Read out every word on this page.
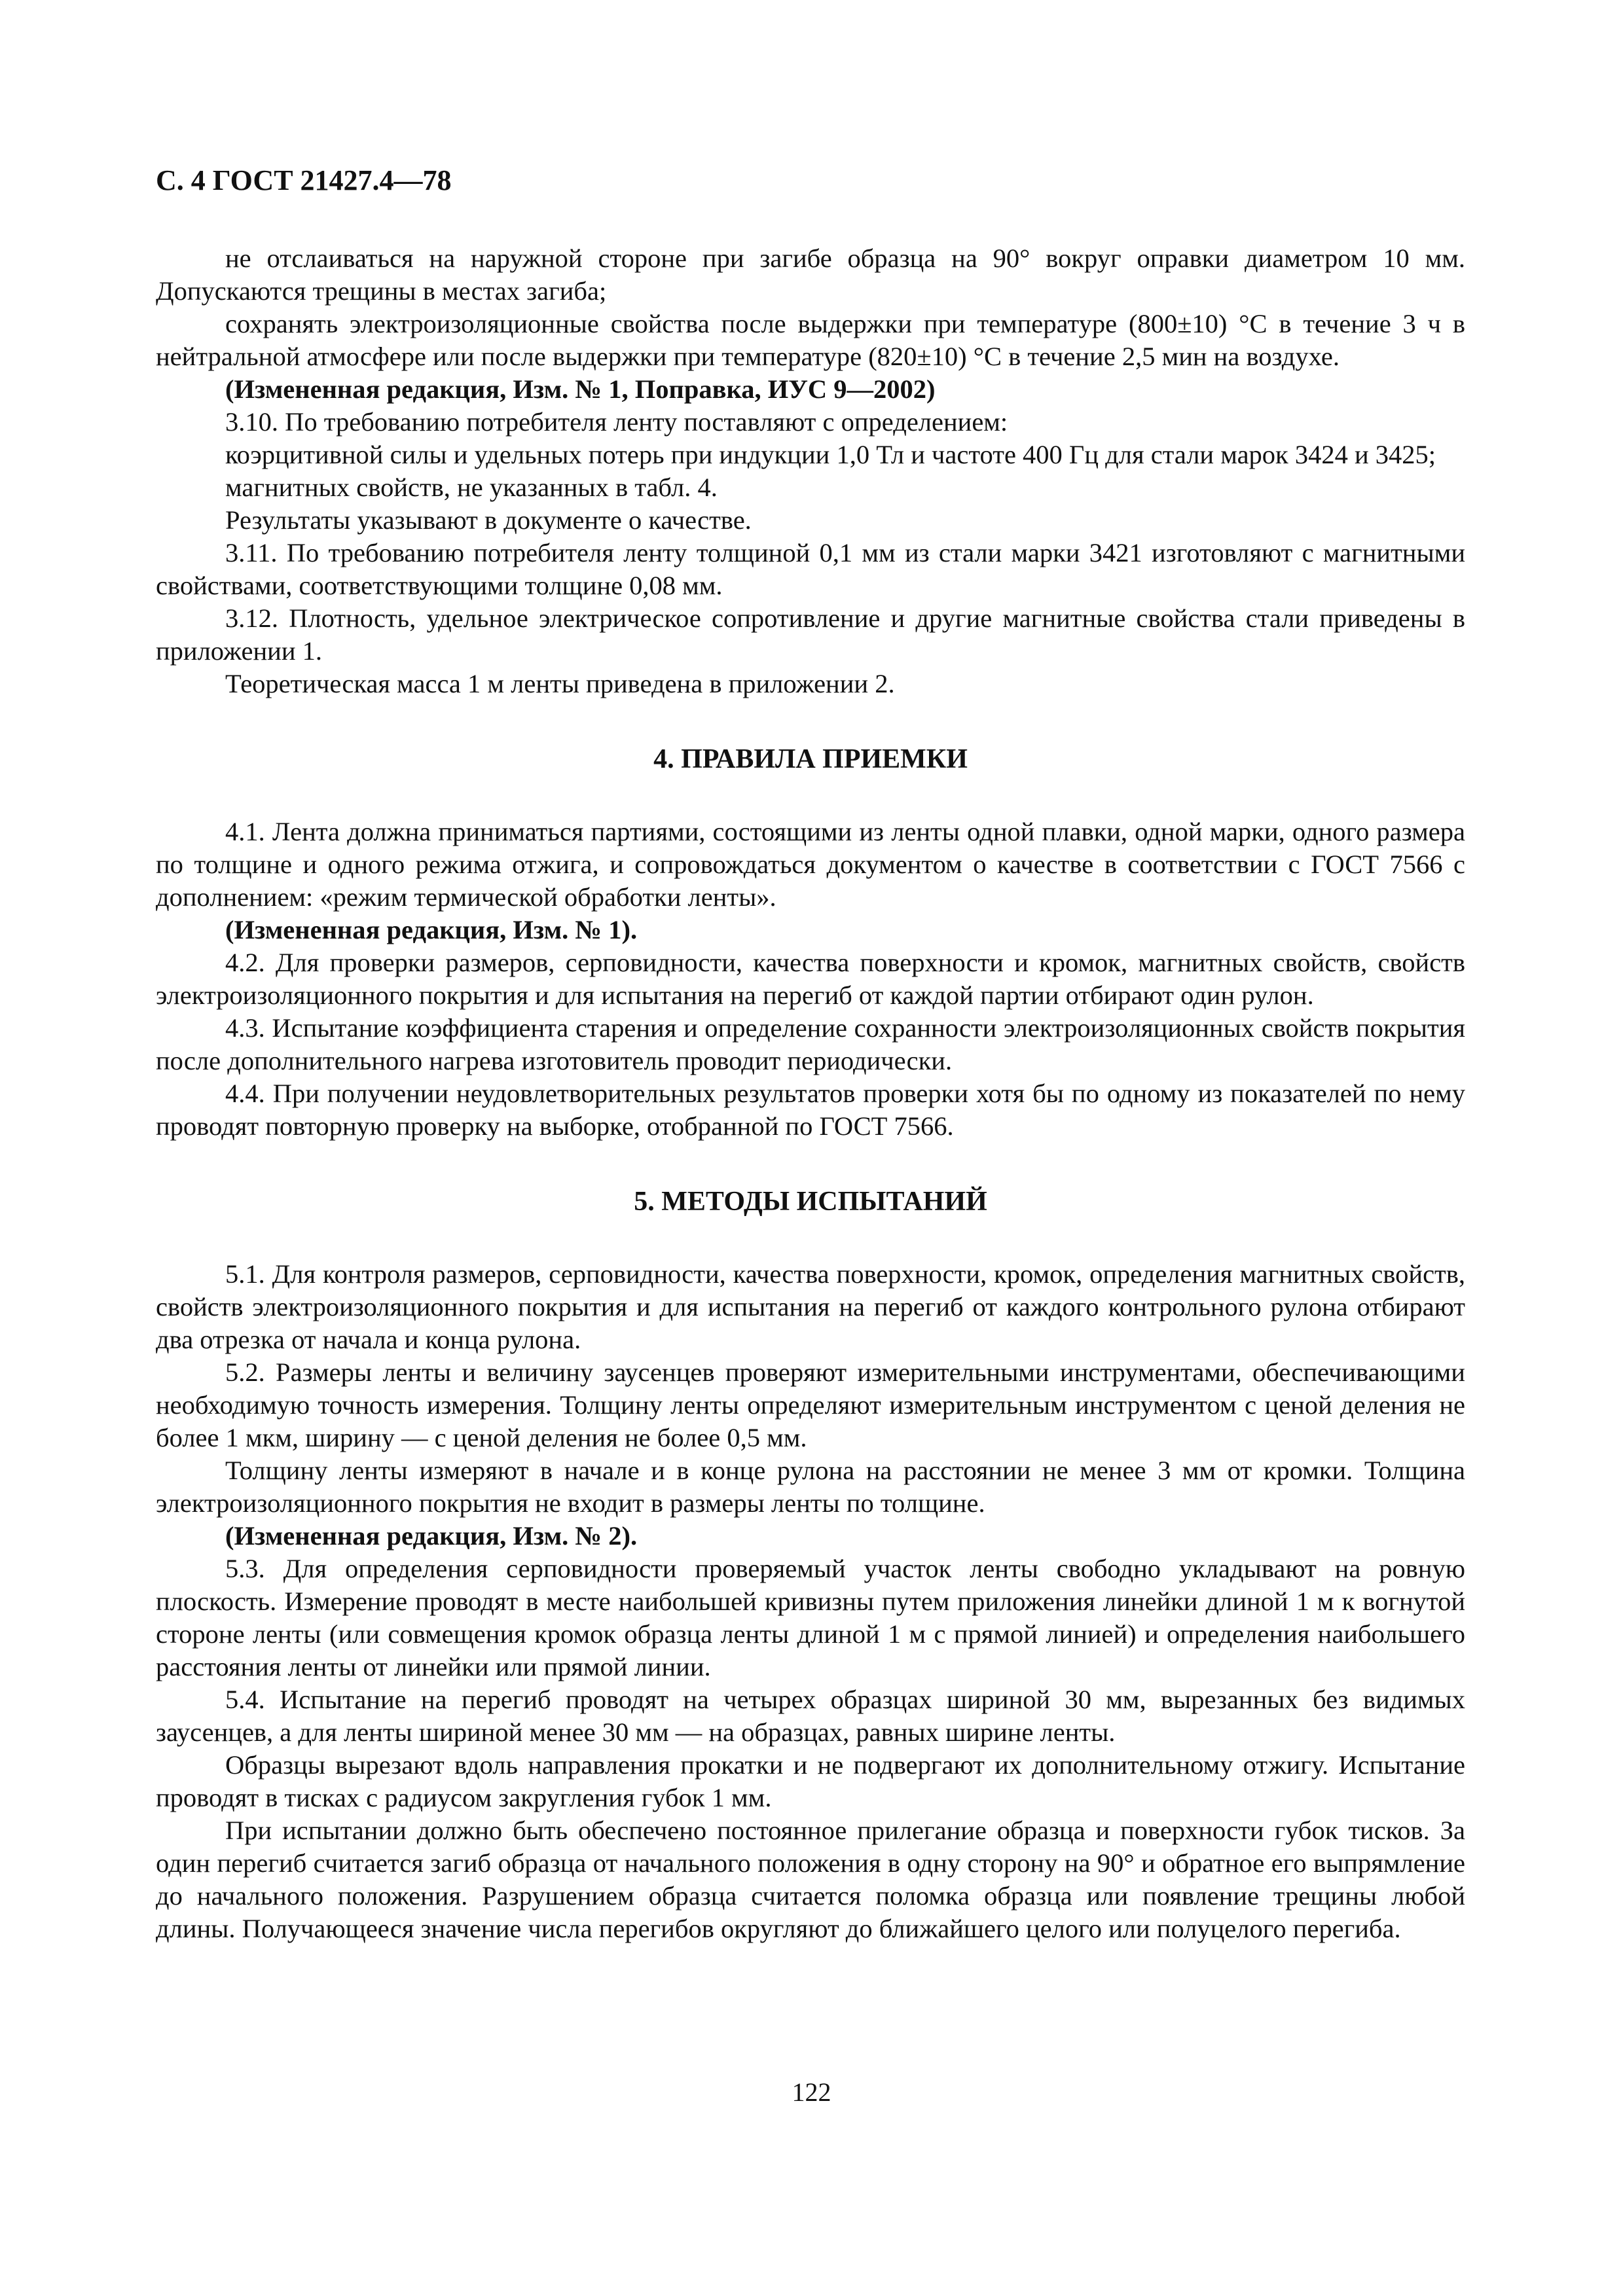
С. 4 ГОСТ 21427.4—78

не отслаиваться на наружной стороне при загибе образца на 90° вокруг оправки диаметром 10 мм. Допускаются трещины в местах загиба;

сохранять электроизоляционные свойства после выдержки при температуре (800±10) °С в течение 3 ч в нейтральной атмосфере или после выдержки при температуре (820±10) °С в течение 2,5 мин на воздухе.

(Измененная редакция, Изм. № 1, Поправка, ИУС 9—2002)

3.10. По требованию потребителя ленту поставляют с определением:

коэрцитивной силы и удельных потерь при индукции 1,0 Тл и частоте 400 Гц для стали марок 3424 и 3425;

магнитных свойств, не указанных в табл. 4.

Результаты указывают в документе о качестве.

3.11. По требованию потребителя ленту толщиной 0,1 мм из стали марки 3421 изготовляют с магнитными свойствами, соответствующими толщине 0,08 мм.

3.12. Плотность, удельное электрическое сопротивление и другие магнитные свойства стали приведены в приложении 1.

Теоретическая масса 1 м ленты приведена в приложении 2.

4. ПРАВИЛА ПРИЕМКИ

4.1. Лента должна приниматься партиями, состоящими из ленты одной плавки, одной марки, одного размера по толщине и одного режима отжига, и сопровождаться документом о качестве в соответствии с ГОСТ 7566 с дополнением: «режим термической обработки ленты».

(Измененная редакция, Изм. № 1).

4.2. Для проверки размеров, серповидности, качества поверхности и кромок, магнитных свойств, свойств электроизоляционного покрытия и для испытания на перегиб от каждой партии отбирают один рулон.

4.3. Испытание коэффициента старения и определение сохранности электроизоляционных свойств покрытия после дополнительного нагрева изготовитель проводит периодически.

4.4. При получении неудовлетворительных результатов проверки хотя бы по одному из показателей по нему проводят повторную проверку на выборке, отобранной по ГОСТ 7566.

5. МЕТОДЫ ИСПЫТАНИЙ

5.1. Для контроля размеров, серповидности, качества поверхности, кромок, определения магнитных свойств, свойств электроизоляционного покрытия и для испытания на перегиб от каждого контрольного рулона отбирают два отрезка от начала и конца рулона.

5.2. Размеры ленты и величину заусенцев проверяют измерительными инструментами, обеспечивающими необходимую точность измерения. Толщину ленты определяют измерительным инструментом с ценой деления не более 1 мкм, ширину — с ценой деления не более 0,5 мм.

Толщину ленты измеряют в начале и в конце рулона на расстоянии не менее 3 мм от кромки. Толщина электроизоляционного покрытия не входит в размеры ленты по толщине.

(Измененная редакция, Изм. № 2).

5.3. Для определения серповидности проверяемый участок ленты свободно укладывают на ровную плоскость. Измерение проводят в месте наибольшей кривизны путем приложения линейки длиной 1 м к вогнутой стороне ленты (или совмещения кромок образца ленты длиной 1 м с прямой линией) и определения наибольшего расстояния ленты от линейки или прямой линии.

5.4. Испытание на перегиб проводят на четырех образцах шириной 30 мм, вырезанных без видимых заусенцев, а для ленты шириной менее 30 мм — на образцах, равных ширине ленты.

Образцы вырезают вдоль направления прокатки и не подвергают их дополнительному отжигу. Испытание проводят в тисках с радиусом закругления губок 1 мм.

При испытании должно быть обеспечено постоянное прилегание образца и поверхности губок тисков. За один перегиб считается загиб образца от начального положения в одну сторону на 90° и обратное его выпрямление до начального положения. Разрушением образца считается поломка образца или появление трещины любой длины. Получающееся значение числа перегибов округляют до ближайшего целого или полуцелого перегиба.

122
